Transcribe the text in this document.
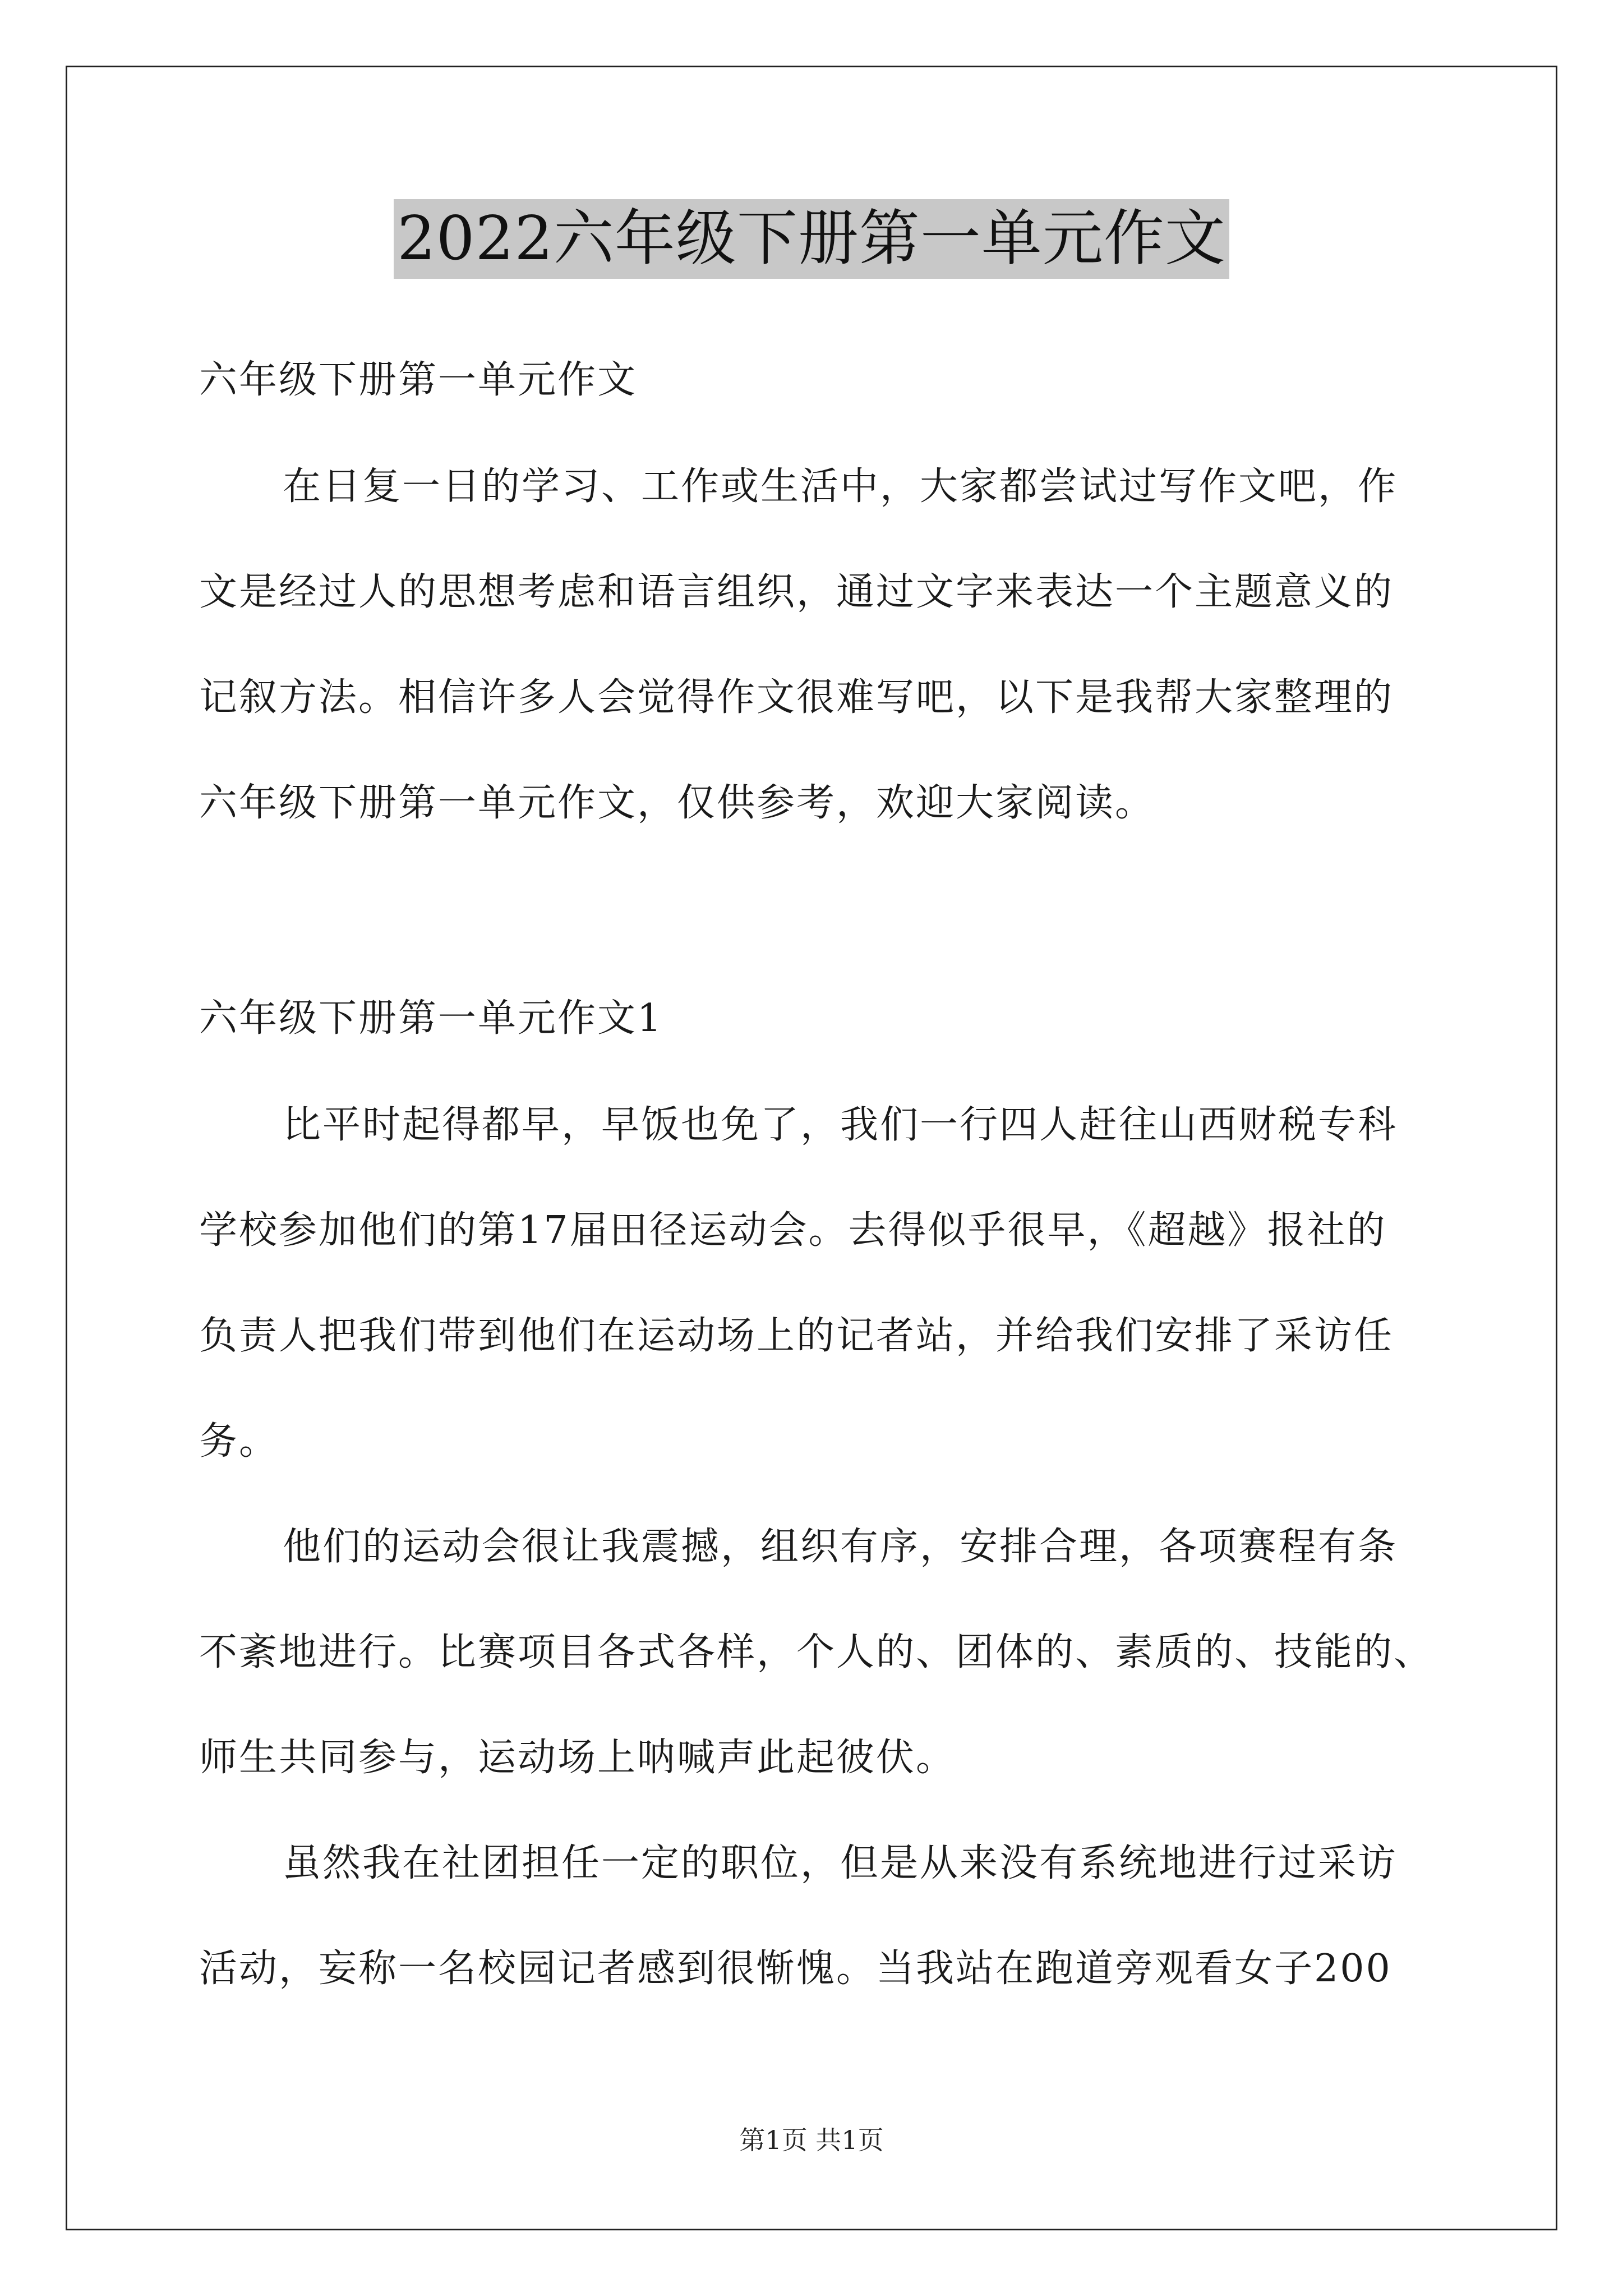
2022六年级下册第一单元作文
六年级下册第一单元作文
在日复一日的学习、工作或生活中，大家都尝试过写作文吧，作
文是经过人的思想考虑和语言组织，通过文字来表达一个主题意义的
记叙方法。相信许多人会觉得作文很难写吧，以下是我帮大家整理的
六年级下册第一单元作文，仅供参考，欢迎大家阅读。
六年级下册第一单元作文1
比平时起得都早，早饭也免了，我们一行四人赶往山西财税专科
学校参加他们的第17届田径运动会。去得似乎很早，《超越》报社的
负责人把我们带到他们在运动场上的记者站，并给我们安排了采访任
务。
他们的运动会很让我震撼，组织有序，安排合理，各项赛程有条
不紊地进行。比赛项目各式各样，个人的、团体的、素质的、技能的、
师生共同参与，运动场上呐喊声此起彼伏。
虽然我在社团担任一定的职位，但是从来没有系统地进行过采访
活动，妄称一名校园记者感到很惭愧。当我站在跑道旁观看女子200
第1页 共1页
